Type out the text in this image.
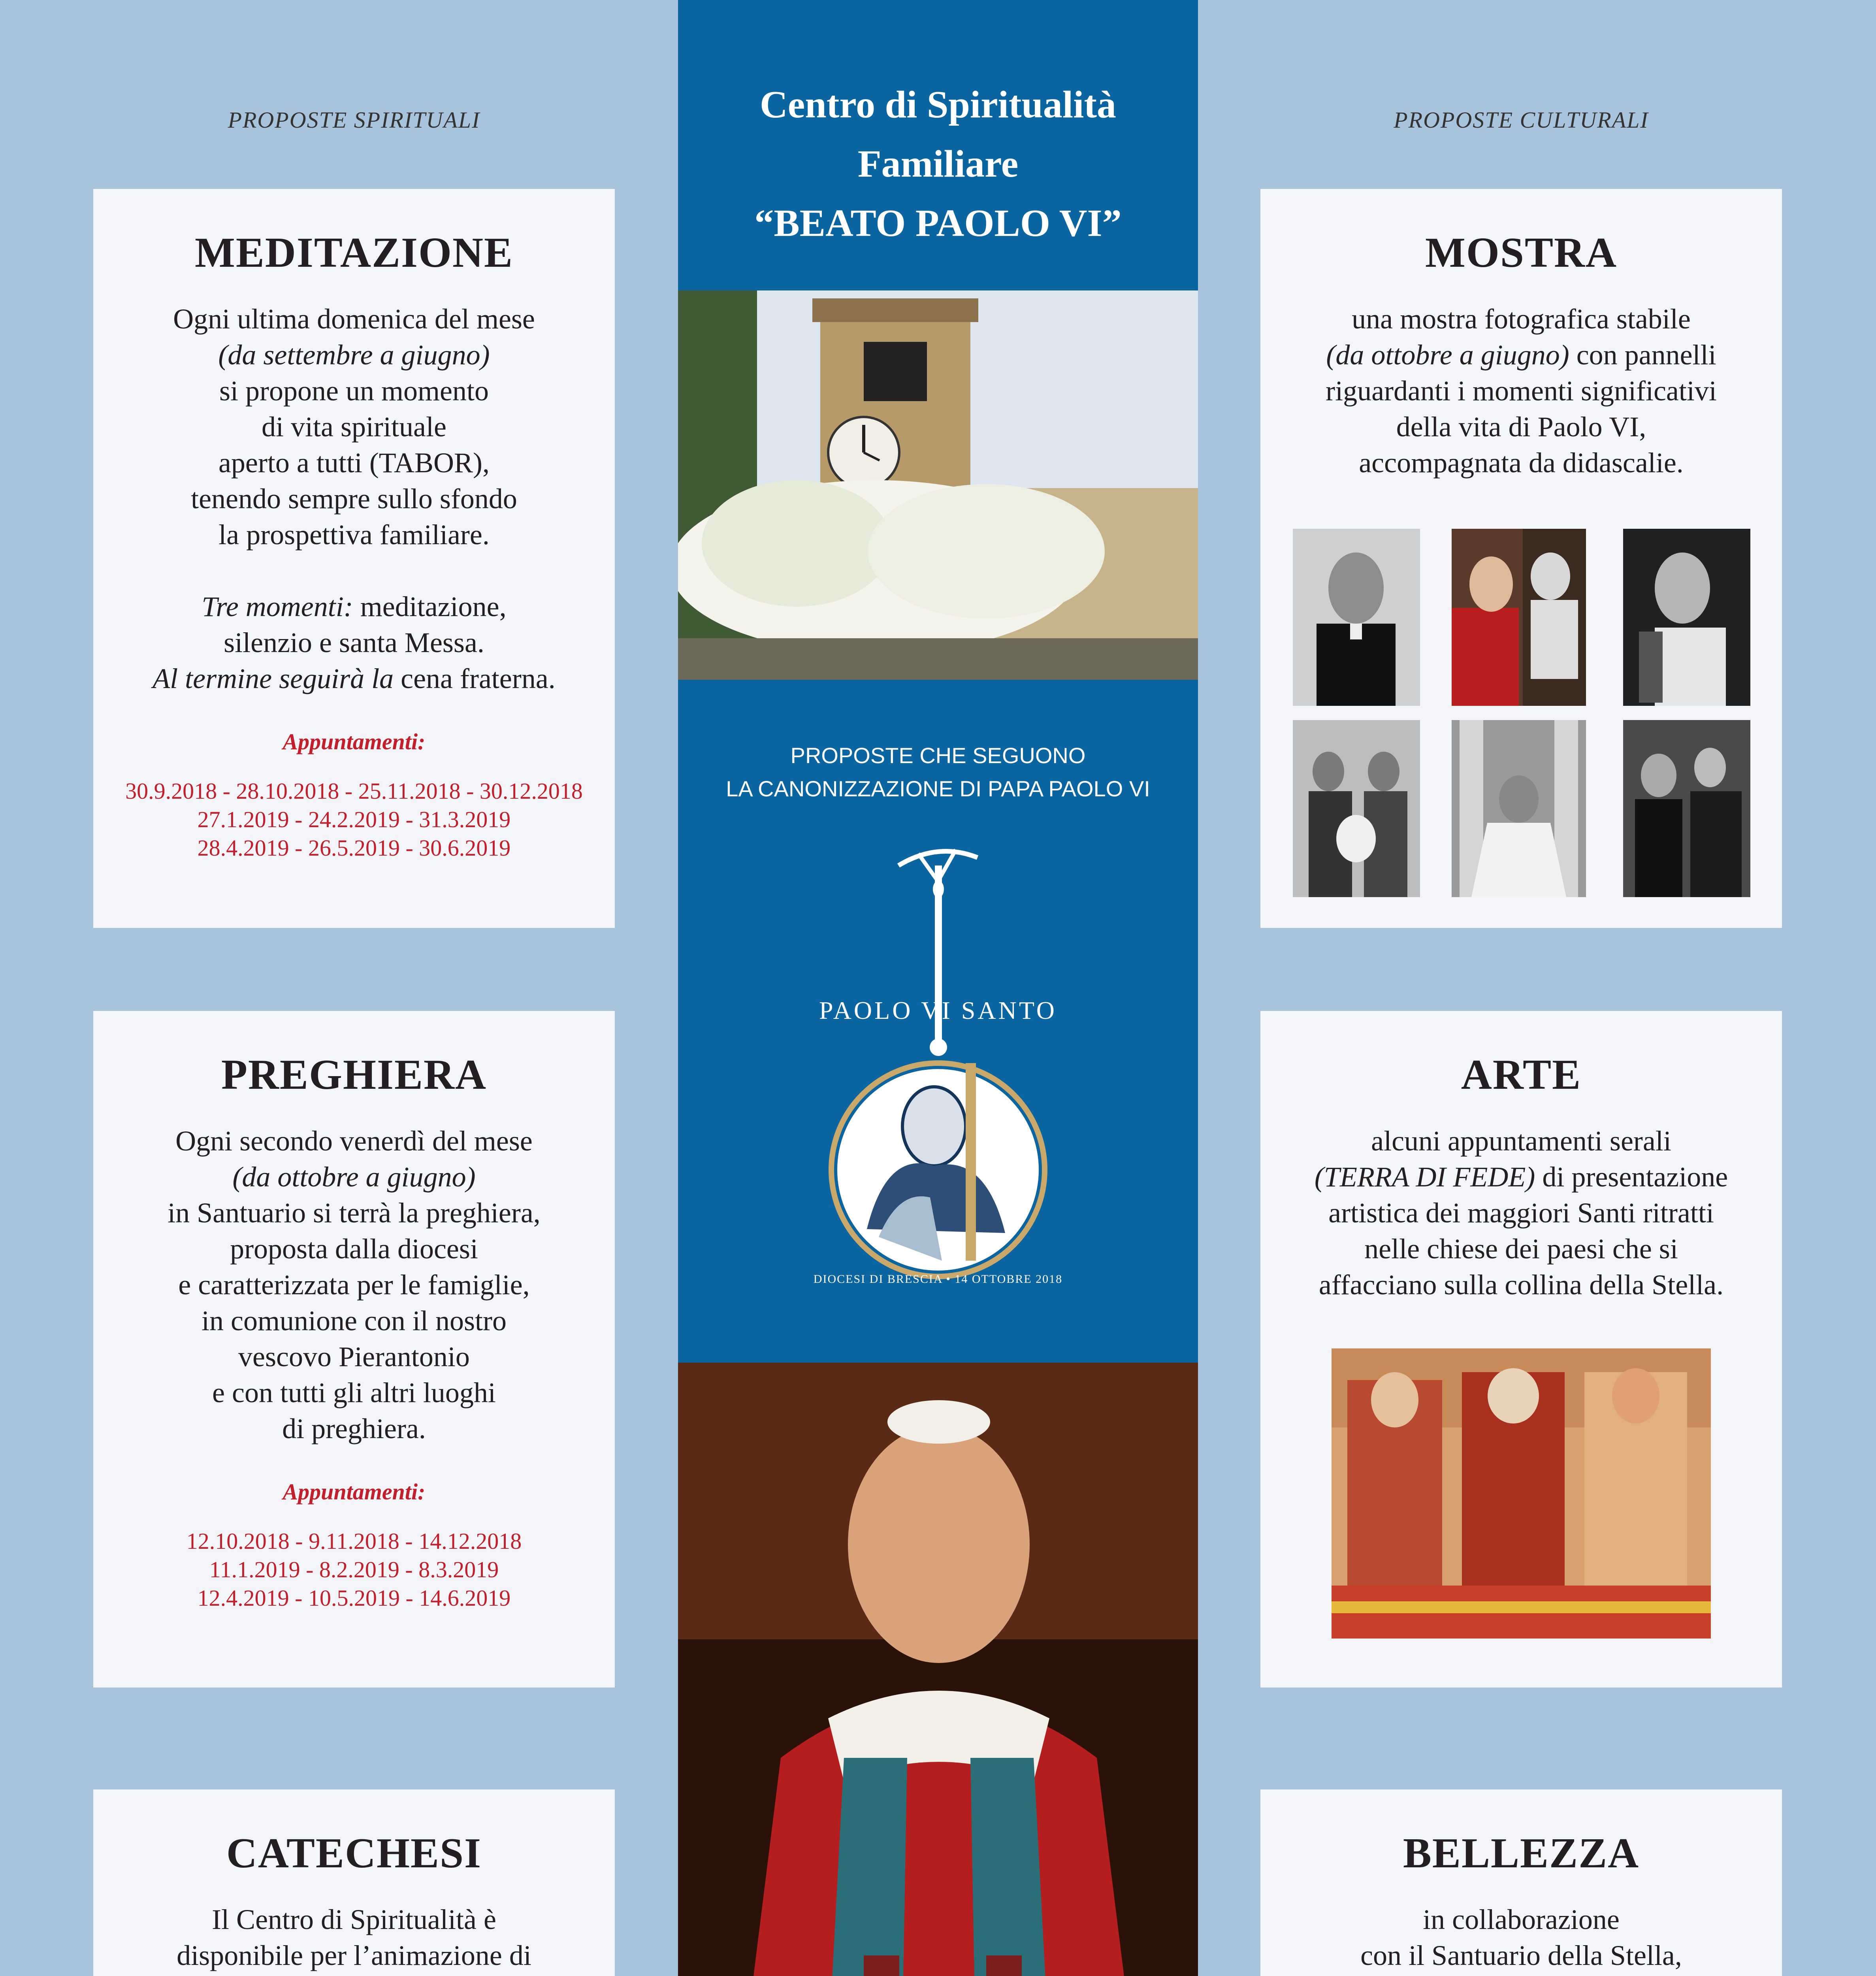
PROPOSTE SPIRITUALI	PROPOSTE CULTURALI
MEDITAZIONE

Ogni ultima domenica del mese

(da settembre a giugno)

si propone un momento

di vita spirituale

aperto a tutti (TABOR),

tenendo sempre sullo sfondo

la prospettiva familiare.

Tre momenti: meditazione,

silenzio e santa Messa.

Al termine seguirà la cena fraterna.

Appuntamenti:

30.9.2018 - 28.10.2018 - 25.11.2018 - 30.12.2018

27.1.2019 - 24.2.2019 - 31.3.2019

28.4.2019 - 26.5.2019 - 30.6.2019

PREGHIERA

Ogni secondo venerdì del mese

(da ottobre a giugno)

in Santuario si terrà la preghiera,

proposta dalla diocesi

e caratterizzata per le famiglie,

in comunione con il nostro

vescovo Pierantonio

e con tutti gli altri luoghi

di preghiera.

Appuntamenti:

12.10.2018 - 9.11.2018 - 14.12.2018

11.1.2019 - 8.2.2019 - 8.3.2019

12.4.2019 - 10.5.2019 - 14.6.2019

CATECHESI

Il Centro di Spiritualità è

disponibile per l’animazione di

MOSTRA

una mostra fotografica stabile

(da ottobre a giugno) con pannelli

riguardanti i momenti significativi

della vita di Paolo VI,

accompagnata da didascalie.

ARTE

alcuni appuntamenti serali

(TERRA DI FEDE) di presentazione

artistica dei maggiori Santi ritratti

nelle chiese dei paesi che si

affacciano sulla collina della Stella.

BELLEZZA

in collaborazione

con il Santuario della Stella,

Centro di Spiritualità

Familiare

“BEATO PAOLO VI”

PROPOSTE CHE SEGUONO

LA CANONIZZAZIONE DI PAPA PAOLO VI

PAOLO VI SANTO
DIOCESI DI BRESCIA • 14 OTTOBRE 2018
